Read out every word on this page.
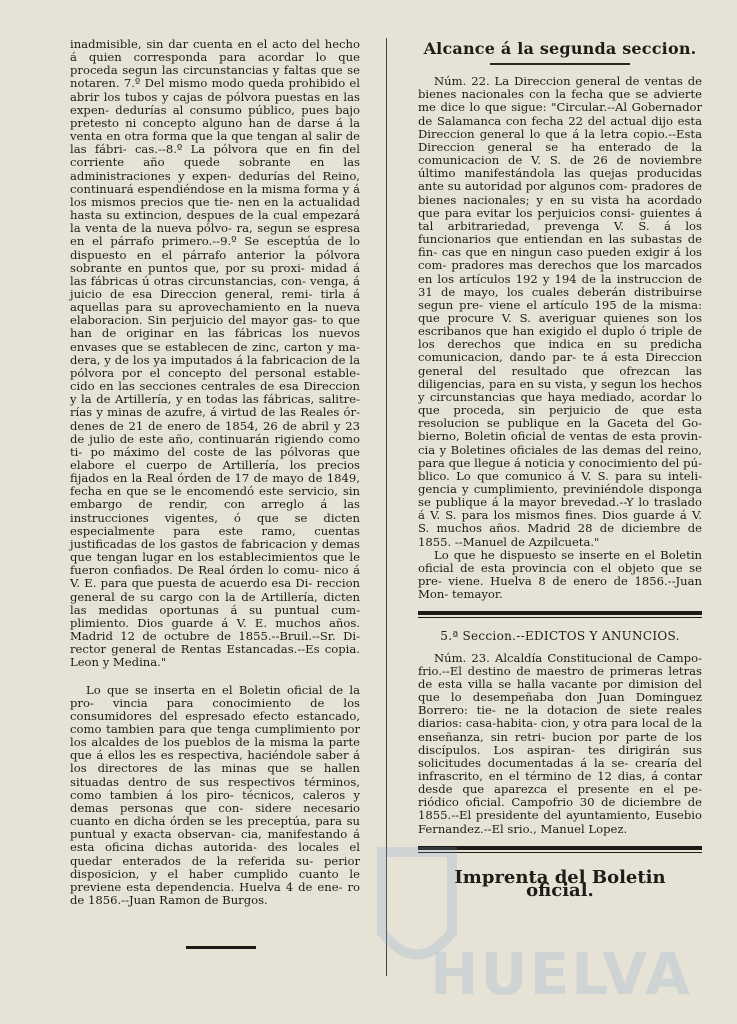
inadmisible, sin dar cuenta en el acto del hecho á quien corresponda para acordar lo que proceda segun las circunstancias y faltas que se notaren. 7.º Del mismo modo queda prohibido el abrir los tubos y cajas de pólvora puestas en las expen- dedurías al consumo público, pues bajo pretesto ni concepto alguno han de darse á la venta en otra forma que la que tengan al salir de las fábri- cas.--8.º La pólvora que en fin del corriente año quede sobrante en las administraciones y expen- dedurías del Reino, continuará espendiéndose en la misma forma y á los mismos precios que tie- nen en la actualidad hasta su extincion, despues de la cual empezará la venta de la nueva pólvo- ra, segun se espresa en el párrafo primero.--9.º Se esceptúa de lo dispuesto en el párrafo anterior la pólvora sobrante en puntos que, por su proxi- midad á las fábricas ú otras circunstancias, con- venga, á juicio de esa Direccion general, remi- tirla á aquellas para su aprovechamiento en la nueva elaboracion. Sin perjuicio del mayor gas- to que han de originar en las fábricas los nuevos envases que se establecen de zinc, carton y ma- dera, y de los ya imputados á la fabricacion de la pólvora por el concepto del personal estable- cido en las secciones centrales de esa Direccion y la de Artillería, y en todas las fábricas, salitre- rías y minas de azufre, á virtud de las Reales ór- denes de 21 de enero de 1854, 26 de abril y 23 de julio de este año, continuarán rigiendo como ti- po máximo del coste de las pólvoras que elabore el cuerpo de Artillería, los precios fijados en la Real órden de 17 de mayo de 1849, fecha en que se le encomendó este servicio, sin embargo de rendir, con arreglo á las instrucciones vigentes, ó que se dicten especialmente para este ramo, cuentas justificadas de los gastos de fabricacion y demas que tengan lugar en los establecimientos que le fueron confiados. De Real órden lo comu- nico á V. E. para que puesta de acuerdo esa Di- reccion general de su cargo con la de Artillería, dicten las medidas oportunas á su puntual cum- plimiento. Dios guarde á V. E. muchos años. Madrid 12 de octubre de 1855.--Bruil.--Sr. Di- rector general de Rentas Estancadas.--Es copia. Leon y Medina."
Lo que se inserta en el Boletin oficial de la pro- vincia para conocimiento de los consumidores del espresado efecto estancado, como tambien para que tenga cumplimiento por los alcaldes de los pueblos de la misma la parte que á ellos les es respectiva, haciéndole saber á los directores de las minas que se hallen situadas dentro de sus respectivos términos, como tambien á los piro- técnicos, caleros y demas personas que con- sidere necesario cuanto en dicha órden se les preceptúa, para su puntual y exacta observan- cia, manifestando á esta oficina dichas autorida- des locales el quedar enterados de la referida su- perior disposicion, y el haber cumplido cuanto le previene esta dependencia. Huelva 4 de ene- ro de 1856.--Juan Ramon de Burgos.
Alcance á la segunda seccion.
Núm. 22. La Direccion general de ventas de bienes nacionales con la fecha que se advierte me dice lo que sigue: "Circular.--Al Gobernador de Salamanca con fecha 22 del actual dijo esta Direccion general lo que á la letra copio.--Esta Direccion general se ha enterado de la comunicacion de V. S. de 26 de noviembre último manifestándola las quejas producidas ante su autoridad por algunos com- pradores de bienes nacionales; y en su vista ha acordado que para evitar los perjuicios consi- guientes á tal arbitrariedad, prevenga V. S. á los funcionarios que entiendan en las subastas de fin- cas que en ningun caso pueden exigir á los com- pradores mas derechos que los marcados en los artículos 192 y 194 de la instruccion de 31 de mayo, los cuales deberán distribuirse segun pre- viene el artículo 195 de la misma: que procure V. S. averiguar quienes son los escribanos que han exigido el duplo ó triple de los derechos que indica en su predicha comunicacion, dando par- te á esta Direccion general del resultado que ofrezcan las diligencias, para en su vista, y segun los hechos y circunstancias que haya mediado, acordar lo que proceda, sin perjuicio de que esta resolucion se publique en la Gaceta del Go- bierno, Boletin oficial de ventas de esta provin- cia y Boletines oficiales de las demas del reino, para que llegue á noticia y conocimiento del pú- blico. Lo que comunico á V. S. para su inteli- gencia y cumplimiento, previniéndole disponga se publique á la mayor brevedad.--Y lo traslado á V. S. para los mismos fines. Dios guarde á V. S. muchos años. Madrid 28 de diciembre de 1855. --Manuel de Azpilcueta."
Lo que he dispuesto se inserte en el Boletin oficial de esta provincia con el objeto que se pre- viene. Huelva 8 de enero de 1856.--Juan Mon- temayor.
5.ª Seccion.--EDICTOS Y ANUNCIOS.
Núm. 23. Alcaldía Constitucional de Campo- frio.--El destino de maestro de primeras letras de esta villa se halla vacante por dimision del que lo desempeñaba don Juan Dominguez Borrero: tie- ne la dotacion de siete reales diarios: casa-habita- cion, y otra para local de la enseñanza, sin retri- bucion por parte de los discípulos. Los aspiran- tes dirigirán sus solicitudes documentadas á la se- crearía del infrascrito, en el término de 12 dias, á contar desde que aparezca el presente en el pe- riódico oficial. Campofrio 30 de diciembre de 1855.--El presidente del ayuntamiento, Eusebio Fernandez.--El srio., Manuel Lopez.
Imprenta del Boletin oficial.
HUELVA
